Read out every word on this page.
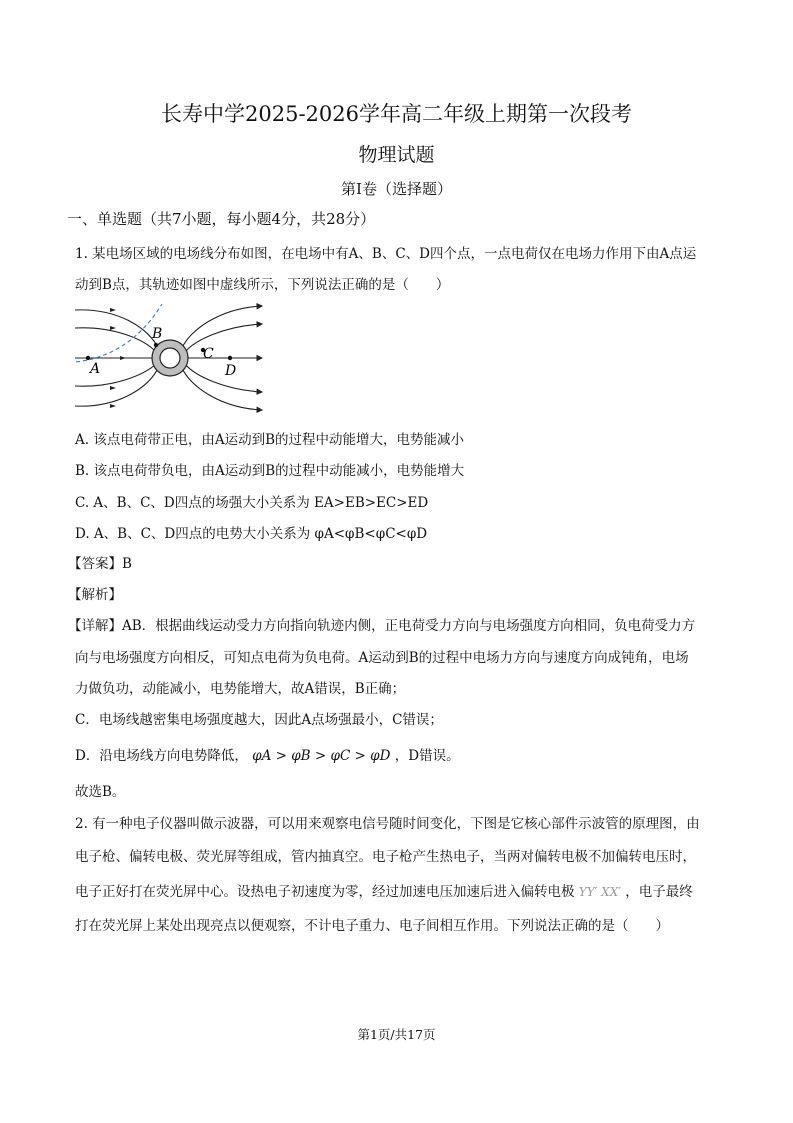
长寿中学2025-2026学年高二年级上期第一次段考
物理试题
第I卷（选择题）
一、单选题（共7小题，每小题4分，共28分）
1. 某电场区域的电场线分布如图，在电场中有A、B、C、D四个点，一点电荷仅在电场力作用下由A点运
动到B点，其轨迹如图中虚线所示，下列说法正确的是（　　）
A
B
C
D
A. 该点电荷带正电，由A运动到B的过程中动能增大，电势能减小
B. 该点电荷带负电，由A运动到B的过程中动能减小，电势能增大
C. A、B、C、D四点的场强大小关系为 EA>EB>EC>ED
D. A、B、C、D四点的电势大小关系为 φA<φB<φC<φD
【答案】B
【解析】
【详解】AB．根据曲线运动受力方向指向轨迹内侧，正电荷受力方向与电场强度方向相同，负电荷受力方
向与电场强度方向相反，可知点电荷为负电荷。A运动到B的过程中电场力方向与速度方向成钝角，电场
力做负功，动能减小，电势能增大，故A错误，B正确；
C．电场线越密集电场强度越大，因此A点场强最小，C错误；
D．沿电场线方向电势降低， φA > φB > φC > φD ，D错误。
故选B。
2. 有一种电子仪器叫做示波器，可以用来观察电信号随时间变化，下图是它核心部件示波管的原理图，由
电子枪、偏转电极、荧光屏等组成，管内抽真空。电子枪产生热电子，当两对偏转电极不加偏转电压时，
电子正好打在荧光屏中心。设热电子初速度为零，经过加速电压加速后进入偏转电极 YY′ XX′ ，电子最终
打在荧光屏上某处出现亮点以便观察，不计电子重力、电子间相互作用。下列说法正确的是（　　）
第1页/共17页
